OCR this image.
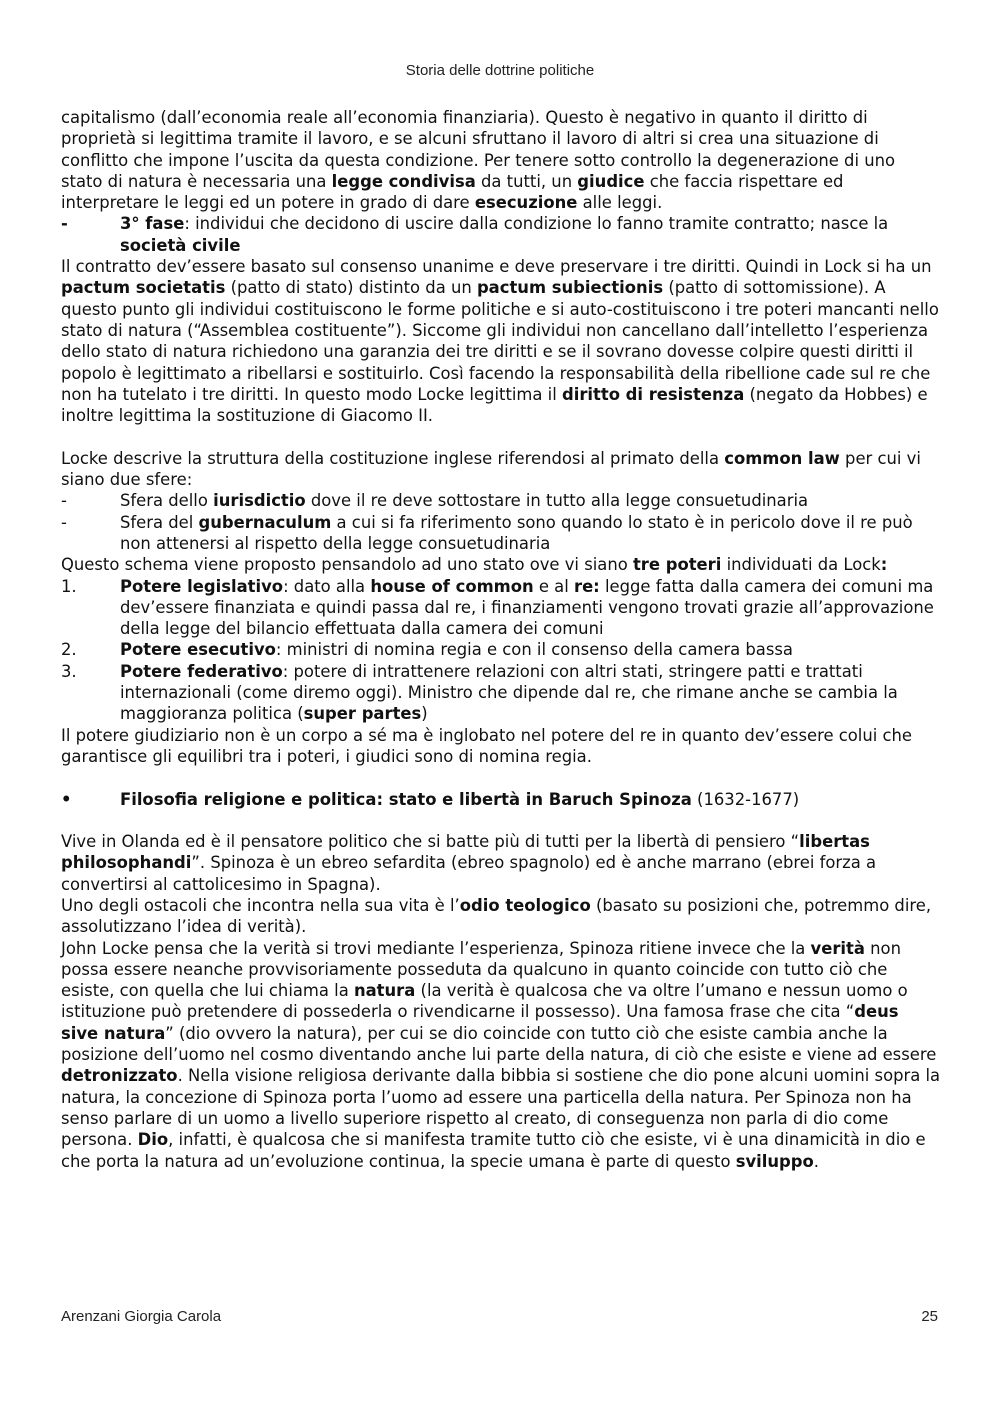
Storia delle dottrine politiche

capitalismo (dall’economia reale all’economia finanziaria). Questo è negativo in quanto il diritto di proprietà si legittima tramite il lavoro, e se alcuni sfruttano il lavoro di altri si crea una situazione di conflitto che impone l’uscita da questa condizione. Per tenere sotto controllo la degenerazione di uno stato di natura è necessaria una legge condivisa da tutti, un giudice che faccia rispettare ed interpretare le leggi ed un potere in grado di dare esecuzione alle leggi.

-	3° fase: individui che decidono di uscire dalla condizione lo fanno tramite contratto; nasce la società civile

Il contratto dev’essere basato sul consenso unanime e deve preservare i tre diritti. Quindi in Lock si ha un pactum societatis (patto di stato) distinto da un pactum subiectionis (patto di sottomissione). A questo punto gli individui costituiscono le forme politiche e si auto-costituiscono i tre poteri mancanti nello stato di natura (“Assemblea costituente”). Siccome gli individui non cancellano dall’intelletto l’esperienza dello stato di natura richiedono una garanzia dei tre diritti e se il sovrano dovesse colpire questi diritti il popolo è legittimato a ribellarsi e sostituirlo. Così facendo la responsabilità della ribellione cade sul re che non ha tutelato i tre diritti. In questo modo Locke legittima il diritto di resistenza (negato da Hobbes) e inoltre legittima la sostituzione di Giacomo II.

Locke descrive la struttura della costituzione inglese riferendosi al primato della common law per cui vi siano due sfere:

-	Sfera dello iurisdictio dove il re deve sottostare in tutto alla legge consuetudinaria
-	Sfera del gubernaculum a cui si fa riferimento sono quando lo stato è in pericolo dove il re può non attenersi al rispetto della legge consuetudinaria

Questo schema viene proposto pensandolo ad uno stato ove vi siano tre poteri individuati da Lock:

1.	Potere legislativo: dato alla house of common e al re: legge fatta dalla camera dei comuni ma dev’essere finanziata e quindi passa dal re, i finanziamenti vengono trovati grazie all’approvazione della legge del bilancio effettuata dalla camera dei comuni
2.	Potere esecutivo: ministri di nomina regia e con il consenso della camera bassa
3.	Potere federativo: potere di intrattenere relazioni con altri stati, stringere patti e trattati internazionali (come diremo oggi). Ministro che dipende dal re, che rimane anche se cambia la maggioranza politica (super partes)

Il potere giudiziario non è un corpo a sé ma è inglobato nel potere del re in quanto dev’essere colui che garantisce gli equilibri tra i poteri, i giudici sono di nomina regia.

•	Filosofia religione e politica: stato e libertà in Baruch Spinoza (1632-1677)

Vive in Olanda ed è il pensatore politico che si batte più di tutti per la libertà di pensiero “libertas philosophandi”. Spinoza è un ebreo sefardita (ebreo spagnolo) ed è anche marrano (ebrei forza a convertirsi al cattolicesimo in Spagna).

Uno degli ostacoli che incontra nella sua vita è l’odio teologico (basato su posizioni che, potremmo dire, assolutizzano l’idea di verità).

John Locke pensa che la verità si trovi mediante l’esperienza, Spinoza ritiene invece che la verità non possa essere neanche provvisoriamente posseduta da qualcuno in quanto coincide con tutto ciò che esiste, con quella che lui chiama la natura (la verità è qualcosa che va oltre l’umano e nessun uomo o istituzione può pretendere di possederla o rivendicarne il possesso). Una famosa frase che cita “deus sive natura” (dio ovvero la natura), per cui se dio coincide con tutto ciò che esiste cambia anche la posizione dell’uomo nel cosmo diventando anche lui parte della natura, di ciò che esiste e viene ad essere detronizzato. Nella visione religiosa derivante dalla bibbia si sostiene che dio pone alcuni uomini sopra la natura, la concezione di Spinoza porta l’uomo ad essere una particella della natura. Per Spinoza non ha senso parlare di un uomo a livello superiore rispetto al creato, di conseguenza non parla di dio come persona. Dio, infatti, è qualcosa che si manifesta tramite tutto ciò che esiste, vi è una dinamicità in dio e che porta la natura ad un’evoluzione continua, la specie umana è parte di questo sviluppo.

Arenzani Giorgia Carola	25
